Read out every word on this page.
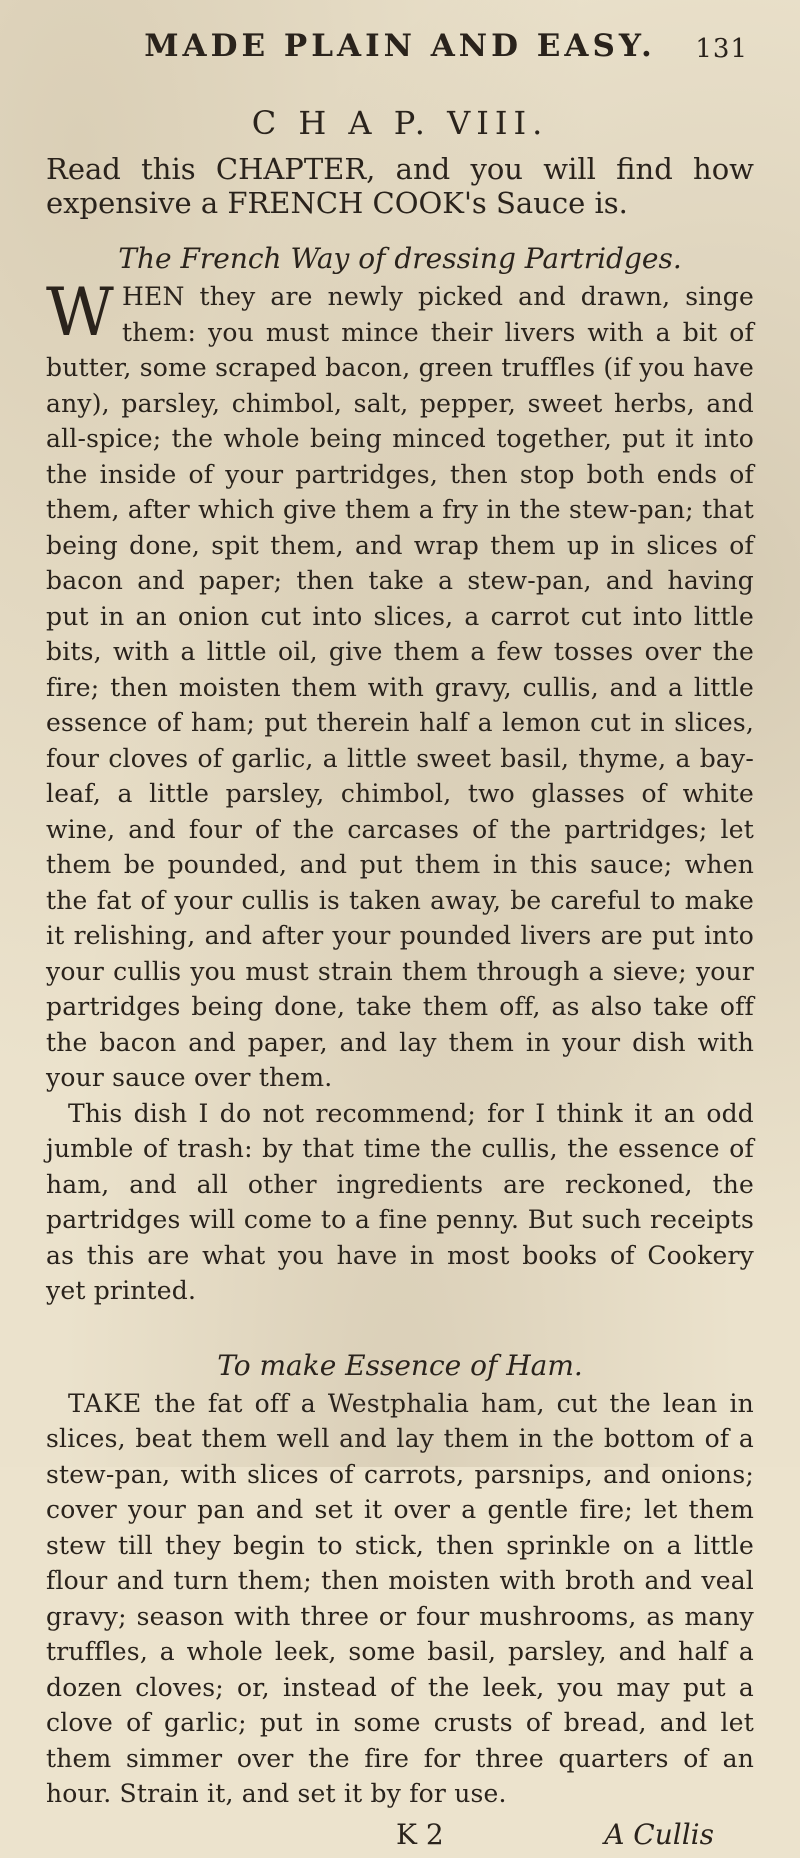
MADE PLAIN AND EASY. 131
C H A P. VIII.
Read this CHAPTER, and you will find how expensive a FRENCH COOK's Sauce is.
The French Way of dressing Partridges.
W HEN they are newly picked and drawn, singe them: you must mince their livers with a bit of butter, some scraped bacon, green truffles (if you have any), parsley, chimbol, salt, pepper, sweet herbs, and all-spice; the whole being minced together, put it into the inside of your partridges, then stop both ends of them, after which give them a fry in the stew-pan; that being done, spit them, and wrap them up in slices of bacon and paper; then take a stew-pan, and having put in an onion cut into slices, a carrot cut into little bits, with a little oil, give them a few tosses over the fire; then moisten them with gravy, cullis, and a little essence of ham; put therein half a lemon cut in slices, four cloves of garlic, a little sweet basil, thyme, a bay-leaf, a little parsley, chimbol, two glasses of white wine, and four of the carcases of the partridges; let them be pounded, and put them in this sauce; when the fat of your cullis is taken away, be careful to make it relishing, and after your pounded livers are put into your cullis you must strain them through a sieve; your partridges being done, take them off, as also take off the bacon and paper, and lay them in your dish with your sauce over them.
This dish I do not recommend; for I think it an odd jumble of trash: by that time the cullis, the essence of ham, and all other ingredients are reckoned, the partridges will come to a fine penny. But such receipts as this are what you have in most books of Cookery yet printed.
To make Essence of Ham.
TAKE the fat off a Westphalia ham, cut the lean in slices, beat them well and lay them in the bottom of a stew-pan, with slices of carrots, parsnips, and onions; cover your pan and set it over a gentle fire; let them stew till they begin to stick, then sprinkle on a little flour and turn them; then moisten with broth and veal gravy; season with three or four mushrooms, as many truffles, a whole leek, some basil, parsley, and half a dozen cloves; or, instead of the leek, you may put a clove of garlic; put in some crusts of bread, and let them simmer over the fire for three quarters of an hour. Strain it, and set it by for use.
K 2	A Cullis
